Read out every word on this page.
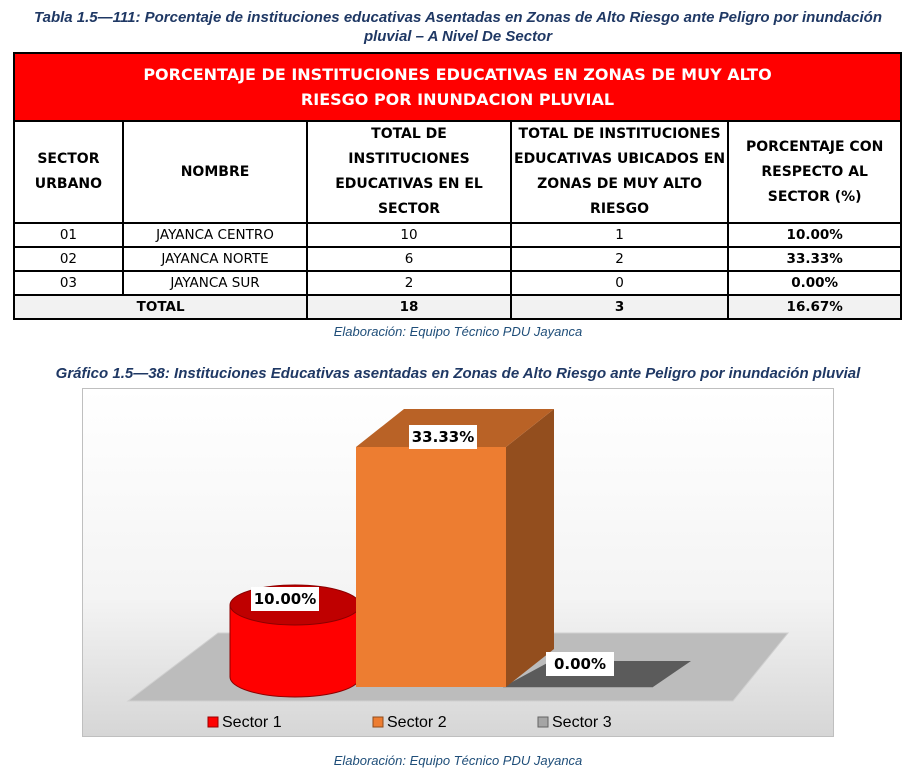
Tabla 1.5—111: Porcentaje de instituciones educativas Asentadas en Zonas de Alto Riesgo ante Peligro por inundación
pluvial – A Nivel De Sector
PORCENTAJE DE INSTITUCIONES EDUCATIVAS EN ZONAS DE MUY ALTO
RIESGO POR INUNDACION PLUVIAL				

SECTOR URBANO	NOMBRE	TOTAL DE INSTITUCIONES EDUCATIVAS EN EL SECTOR	TOTAL DE INSTITUCIONES EDUCATIVAS UBICADOS EN ZONAS DE MUY ALTO RIESGO	PORCENTAJE CON RESPECTO AL SECTOR (%)
01	JAYANCA CENTRO	10	1	10.00%
02	JAYANCA NORTE	6	2	33.33%
03	JAYANCA SUR	2	0	0.00%
TOTAL		18	3	16.67%
Elaboración: Equipo Técnico PDU Jayanca
Gráfico 1.5—38: Instituciones Educativas asentadas en Zonas de Alto Riesgo ante Peligro por inundación pluvial
10.00%
33.33%
0.00%
Sector 1	Sector 2	Sector 3
Elaboración: Equipo Técnico PDU Jayanca
